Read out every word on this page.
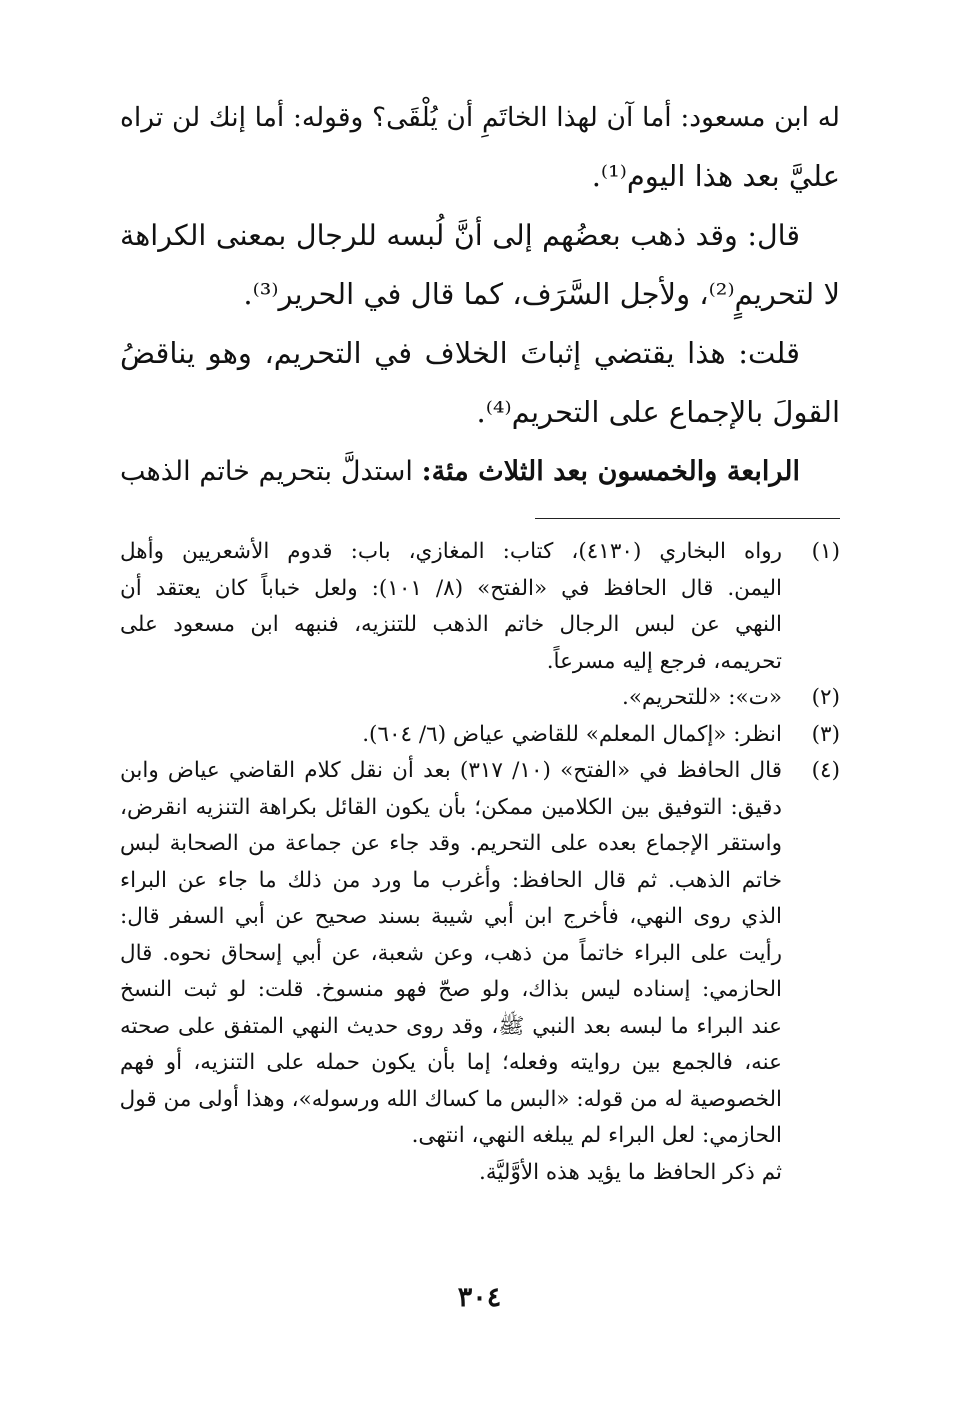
له ابن مسعود: أما آن لهذا الخاتَمِ أن يُلْقَى؟ وقوله: أما إنك لن تراه
عليَّ بعد هذا اليوم⁽¹⁾.
قال: وقد ذهب بعضُهم إلى أنَّ لُبسه للرجال بمعنى الكراهة
لا لتحريمٍ⁽²⁾، ولأجل السَّرَف، كما قال في الحرير⁽³⁾.
قلت: هذا يقتضي إثباتَ الخلاف في التحريم، وهو يناقضُ
القولَ بالإجماع على التحريم⁽⁴⁾.
الرابعة والخمسون بعد الثلاث مئة: استدلَّ بتحريم خاتم الذهب
(١)
رواه البخاري (٤١٣٠)، كتاب: المغازي، باب: قدوم الأشعريين وأهل
اليمن. قال الحافظ في «الفتح» (٨/ ١٠١): ولعل خباباً كان يعتقد أن
النهي عن لبس الرجال خاتم الذهب للتنزيه، فنبهه ابن مسعود على
تحريمه، فرجع إليه مسرعاً.
(٢)
«ت»: «للتحريم».
(٣)
انظر: «إكمال المعلم» للقاضي عياض (٦/ ٦٠٤).
(٤)
قال الحافظ في «الفتح» (١٠/ ٣١٧) بعد أن نقل كلام القاضي عياض وابن
دقيق: التوفيق بين الكلامين ممكن؛ بأن يكون القائل بكراهة التنزيه انقرض،
واستقر الإجماع بعده على التحريم. وقد جاء عن جماعة من الصحابة لبس
خاتم الذهب. ثم قال الحافظ: وأغرب ما ورد من ذلك ما جاء عن البراء
الذي روى النهي، فأخرج ابن أبي شيبة بسند صحيح عن أبي السفر قال:
رأيت على البراء خاتماً من ذهب، وعن شعبة، عن أبي إسحاق نحوه. قال
الحازمي: إسناده ليس بذاك، ولو صحّ فهو منسوخ. قلت: لو ثبت النسخ
عند البراء ما لبسه بعد النبي ﷺ، وقد روى حديث النهي المتفق على صحته
عنه، فالجمع بين روايته وفعله؛ إما بأن يكون حمله على التنزيه، أو فهم
الخصوصية له من قوله: «البس ما كساك الله ورسوله»، وهذا أولى من قول
الحازمي: لعل البراء لم يبلغه النهي، انتهى.
ثم ذكر الحافظ ما يؤيد هذه الأوَّليَّة.
٣٠٤
